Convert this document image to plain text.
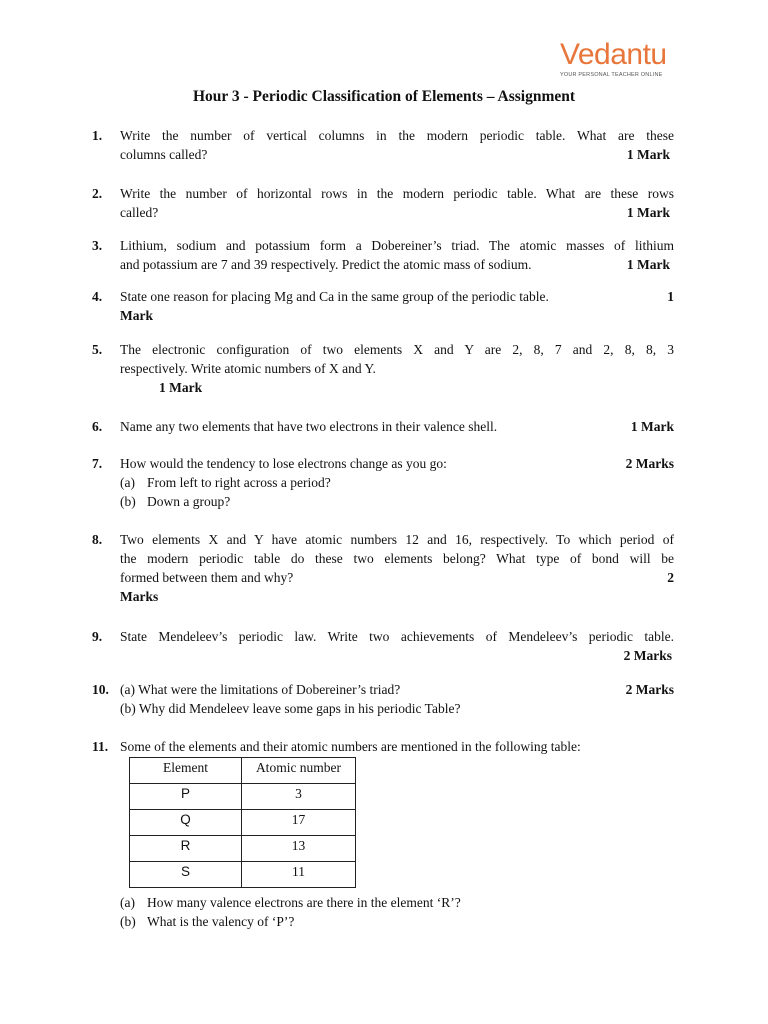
Vedantu
YOUR PERSONAL TEACHER ONLINE
Hour 3 - Periodic Classification of Elements – Assignment
1. Write the number of vertical columns in the modern periodic table. What are these
columns called?	1 Mark
2. Write the number of horizontal rows in the modern periodic table. What are these rows
called?	1 Mark
3. Lithium, sodium and potassium form a Dobereiner’s triad. The atomic masses of lithium
and potassium are 7 and 39 respectively. Predict the atomic mass of sodium.	1 Mark
4. State one reason for placing Mg and Ca in the same group of the periodic table.	1
Mark
5. The electronic configuration of two elements X and Y are 2, 8, 7 and 2, 8, 8, 3
respectively. Write atomic numbers of X and Y.
1 Mark
6. Name any two elements that have two electrons in their valence shell.	1 Mark
7. How would the tendency to lose electrons change as you go:	2 Marks
(a) From left to right across a period?
(b) Down a group?
8. Two elements X and Y have atomic numbers 12 and 16, respectively. To which period of
the modern periodic table do these two elements belong? What type of bond will be
formed between them and why?	2
Marks
9. State Mendeleev’s periodic law. Write two achievements of Mendeleev’s periodic table.
2 Marks
10. (a) What were the limitations of Dobereiner’s triad?	2 Marks
(b) Why did Mendeleev leave some gaps in his periodic Table?
11. Some of the elements and their atomic numbers are mentioned in the following table:
Element	Atomic number
P	3
Q	17
R	13
S	11
(a) How many valence electrons are there in the element ‘R’?
(b) What is the valency of ‘P’?
